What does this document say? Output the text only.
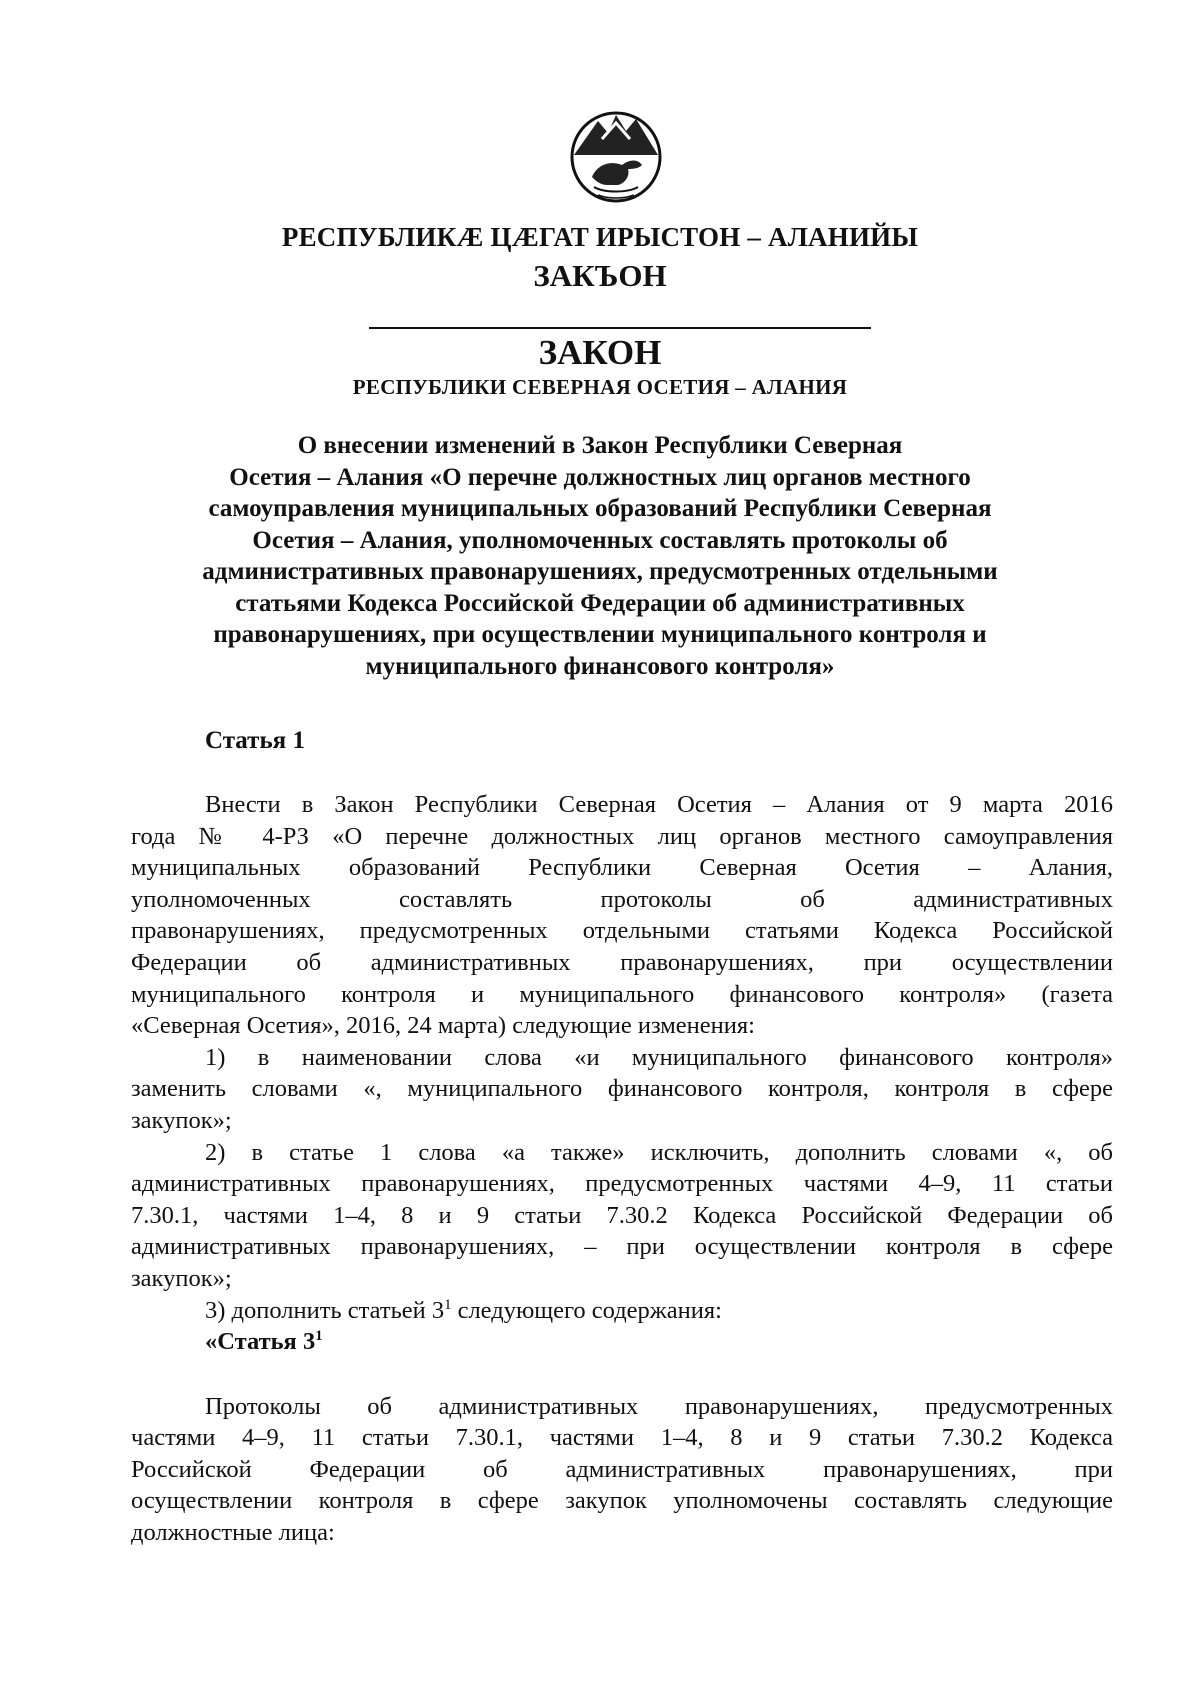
РЕСПУБЛИКÆ ЦÆГАТ ИРЫСТОН – АЛАНИЙЫ
ЗАКЪОН
ЗАКОН
РЕСПУБЛИКИ СЕВЕРНАЯ ОСЕТИЯ – АЛАНИЯ
О внесении изменений в Закон Республики Северная
Осетия – Алания «О перечне должностных лиц органов местного
самоуправления муниципальных образований Республики Северная
Осетия – Алания, уполномоченных составлять протоколы об
административных правонарушениях, предусмотренных отдельными
статьями Кодекса Российской Федерации об административных
правонарушениях, при осуществлении муниципального контроля и
муниципального финансового контроля»
Статья 1
Внести в Закон Республики Северная Осетия – Алания от 9 марта 2016
года № 4-РЗ «О перечне должностных лиц органов местного самоуправления
муниципальных образований Республики Северная Осетия – Алания,
уполномоченных составлять протоколы об административных
правонарушениях, предусмотренных отдельными статьями Кодекса Российской
Федерации об административных правонарушениях, при осуществлении
муниципального контроля и муниципального финансового контроля» (газета
«Северная Осетия», 2016, 24 марта) следующие изменения:
1) в наименовании слова «и муниципального финансового контроля»
заменить словами «, муниципального финансового контроля, контроля в сфере
закупок»;
2) в статье 1 слова «а также» исключить, дополнить словами «, об
административных правонарушениях, предусмотренных частями 4–9, 11 статьи
7.30.1, частями 1–4, 8 и 9 статьи 7.30.2 Кодекса Российской Федерации об
административных правонарушениях, – при осуществлении контроля в сфере
закупок»;
3) дополнить статьей $3^1$ следующего содержания:
«Статья $3^1$
Протоколы об административных правонарушениях, предусмотренных
частями 4–9, 11 статьи 7.30.1, частями 1–4, 8 и 9 статьи 7.30.2 Кодекса
Российской Федерации об административных правонарушениях, при
осуществлении контроля в сфере закупок уполномочены составлять следующие
должностные лица:
